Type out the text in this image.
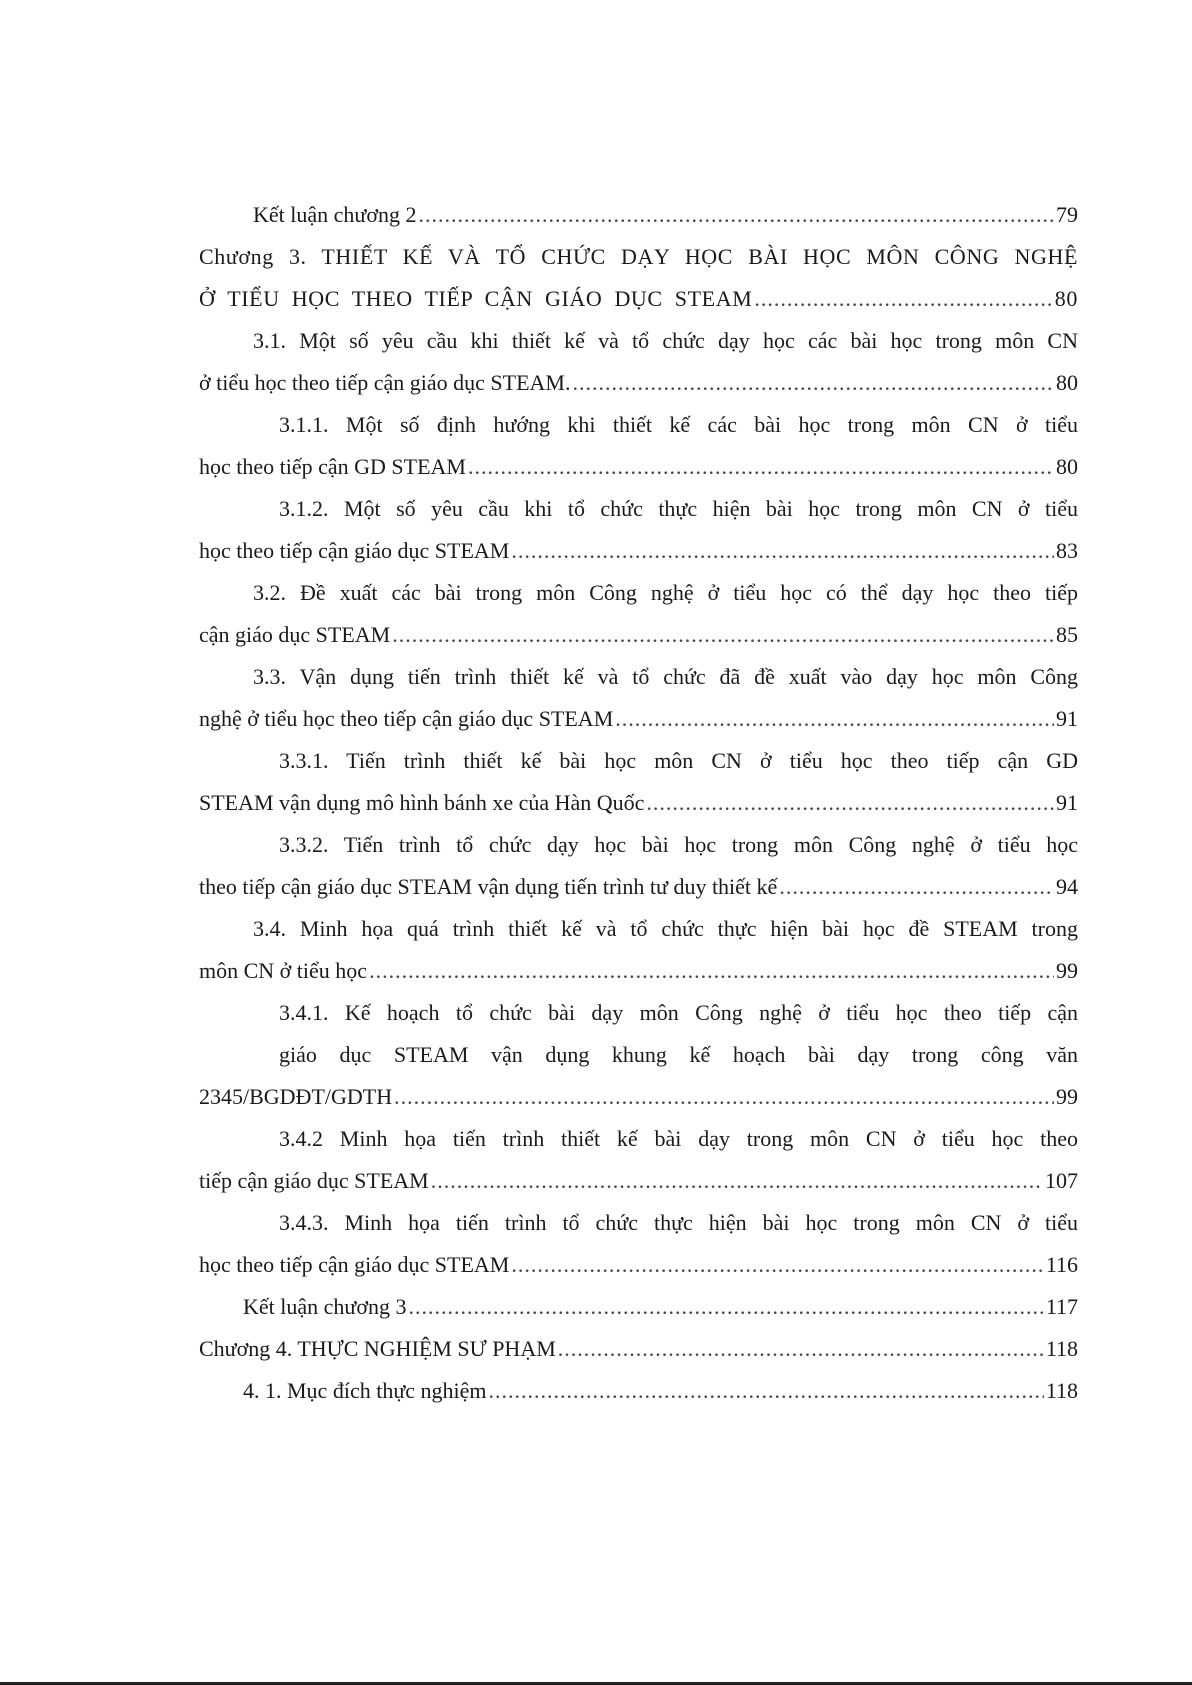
Kết luận chương 2 .....	79
Chương 3. THIẾT KẾ VÀ TỔ CHỨC DẠY HỌC BÀI HỌC MÔN CÔNG NGHỆ
Ở TIỂU HỌC THEO TIẾP CẬN GIÁO DỤC STEAM .....	80
3.1. Một số yêu cầu khi thiết kế và tổ chức dạy học các bài học trong môn CN
ở tiểu học theo tiếp cận giáo dục STEAM. .....	80
3.1.1. Một số định hướng khi thiết kế các bài học trong môn CN ở tiểu
học theo tiếp cận GD STEAM .....	80
3.1.2. Một số yêu cầu khi tổ chức thực hiện bài học trong môn CN ở tiểu
học theo tiếp cận giáo dục STEAM .....	83
3.2. Đề xuất các bài trong môn Công nghệ ở tiểu học có thể dạy học theo tiếp
cận giáo dục STEAM .....	85
3.3. Vận dụng tiến trình thiết kế và tổ chức đã đề xuất vào dạy học môn Công
nghệ ở tiểu học theo tiếp cận giáo dục STEAM .....	91
3.3.1. Tiến trình thiết kế bài học môn CN ở tiểu học theo tiếp cận GD
STEAM vận dụng mô hình bánh xe của Hàn Quốc .....	91
3.3.2. Tiến trình tổ chức dạy học bài học trong môn Công nghệ ở tiểu học
theo tiếp cận giáo dục STEAM vận dụng tiến trình tư duy thiết kế .....	94
3.4. Minh họa quá trình thiết kế và tổ chức thực hiện bài học đề STEAM trong
môn CN ở tiểu học .....	99
3.4.1. Kế hoạch tổ chức bài dạy môn Công nghệ ở tiểu học theo tiếp cận
giáo dục STEAM vận dụng khung kế hoạch bài dạy trong công văn
2345/BGDĐT/GDTH .....	99
3.4.2 Minh họa tiến trình thiết kế bài dạy trong môn CN ở tiểu học theo
tiếp cận giáo dục STEAM .....	107
3.4.3. Minh họa tiến trình tổ chức thực hiện bài học trong môn CN ở tiểu
học theo tiếp cận giáo dục STEAM .....	116
Kết luận chương 3 .....	117
Chương 4. THỰC NGHIỆM SƯ PHẠM .....	118
4. 1. Mục đích thực nghiệm .....	118
